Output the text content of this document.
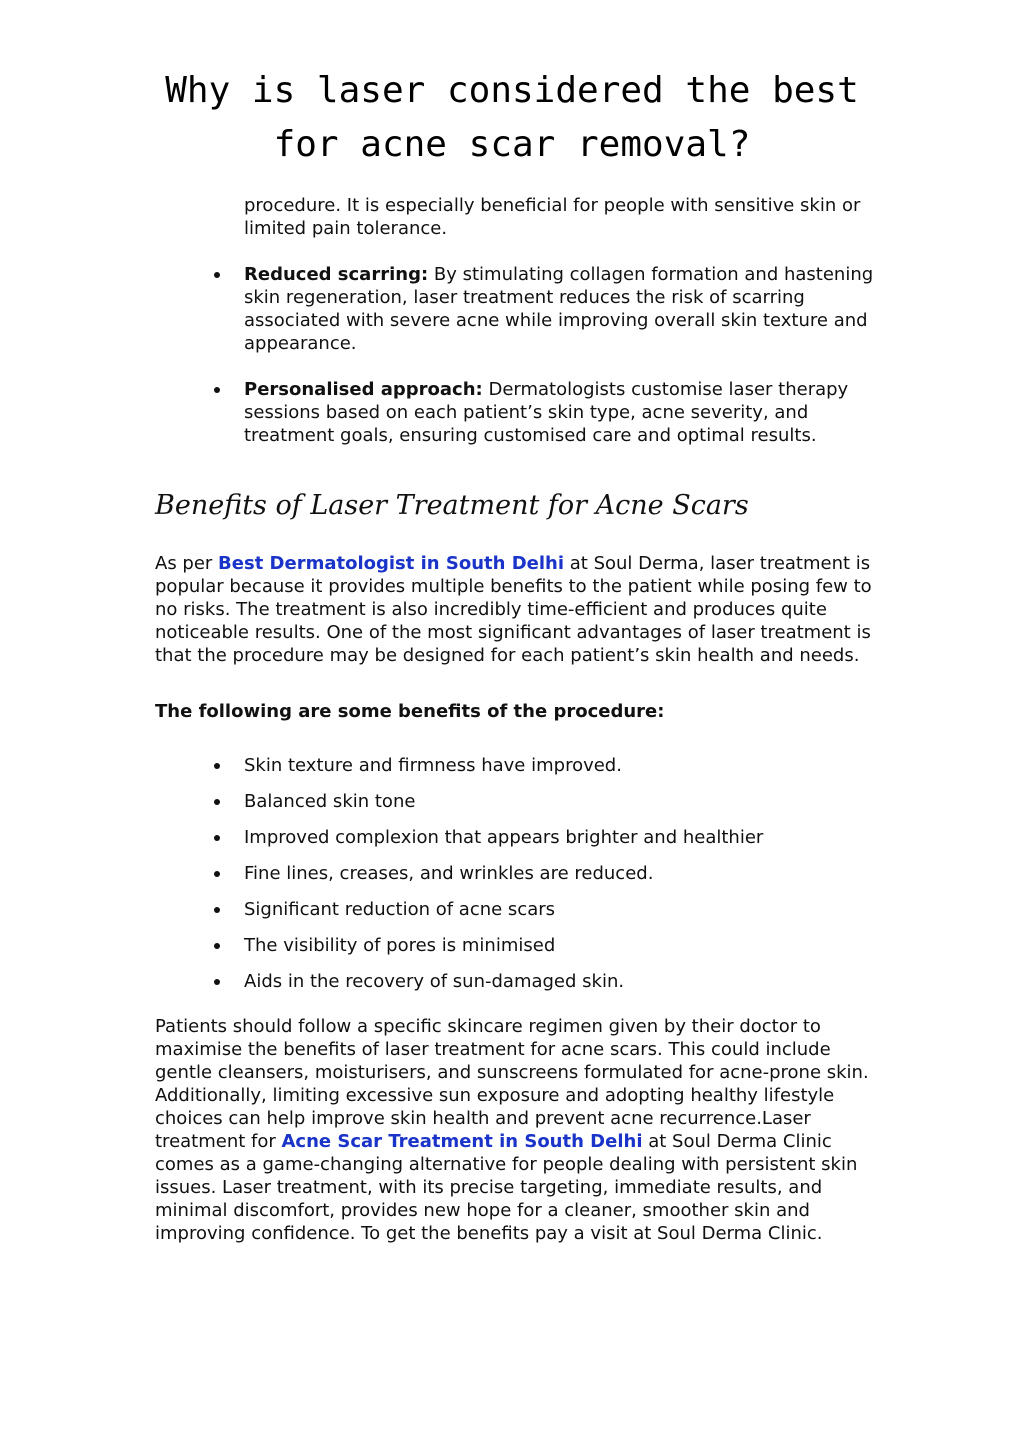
Why is laser considered the best
for acne scar removal?

procedure. It is especially beneficial for people with sensitive skin or limited pain tolerance.

Reduced scarring: By stimulating collagen formation and hastening skin regeneration, laser treatment reduces the risk of scarring associated with severe acne while improving overall skin texture and appearance.
Personalised approach: Dermatologists customise laser therapy sessions based on each patient’s skin type, acne severity, and treatment goals, ensuring customised care and optimal results.
Benefits of Laser Treatment for Acne Scars

As per Best Dermatologist in South Delhi at Soul Derma, laser treatment is popular because it provides multiple benefits to the patient while posing few to no risks. The treatment is also incredibly time-efficient and produces quite noticeable results. One of the most significant advantages of laser treatment is that the procedure may be designed for each patient’s skin health and needs.

The following are some benefits of the procedure:

Skin texture and firmness have improved.
Balanced skin tone
Improved complexion that appears brighter and healthier
Fine lines, creases, and wrinkles are reduced.
Significant reduction of acne scars
The visibility of pores is minimised
Aids in the recovery of sun-damaged skin.

Patients should follow a specific skincare regimen given by their doctor to maximise the benefits of laser treatment for acne scars. This could include gentle cleansers, moisturisers, and sunscreens formulated for acne-prone skin. Additionally, limiting excessive sun exposure and adopting healthy lifestyle choices can help improve skin health and prevent acne recurrence.Laser treatment for Acne Scar Treatment in South Delhi at Soul Derma Clinic comes as a game-changing alternative for people dealing with persistent skin issues. Laser treatment, with its precise targeting, immediate results, and minimal discomfort, provides new hope for a cleaner, smoother skin and improving confidence. To get the benefits pay a visit at Soul Derma Clinic.
